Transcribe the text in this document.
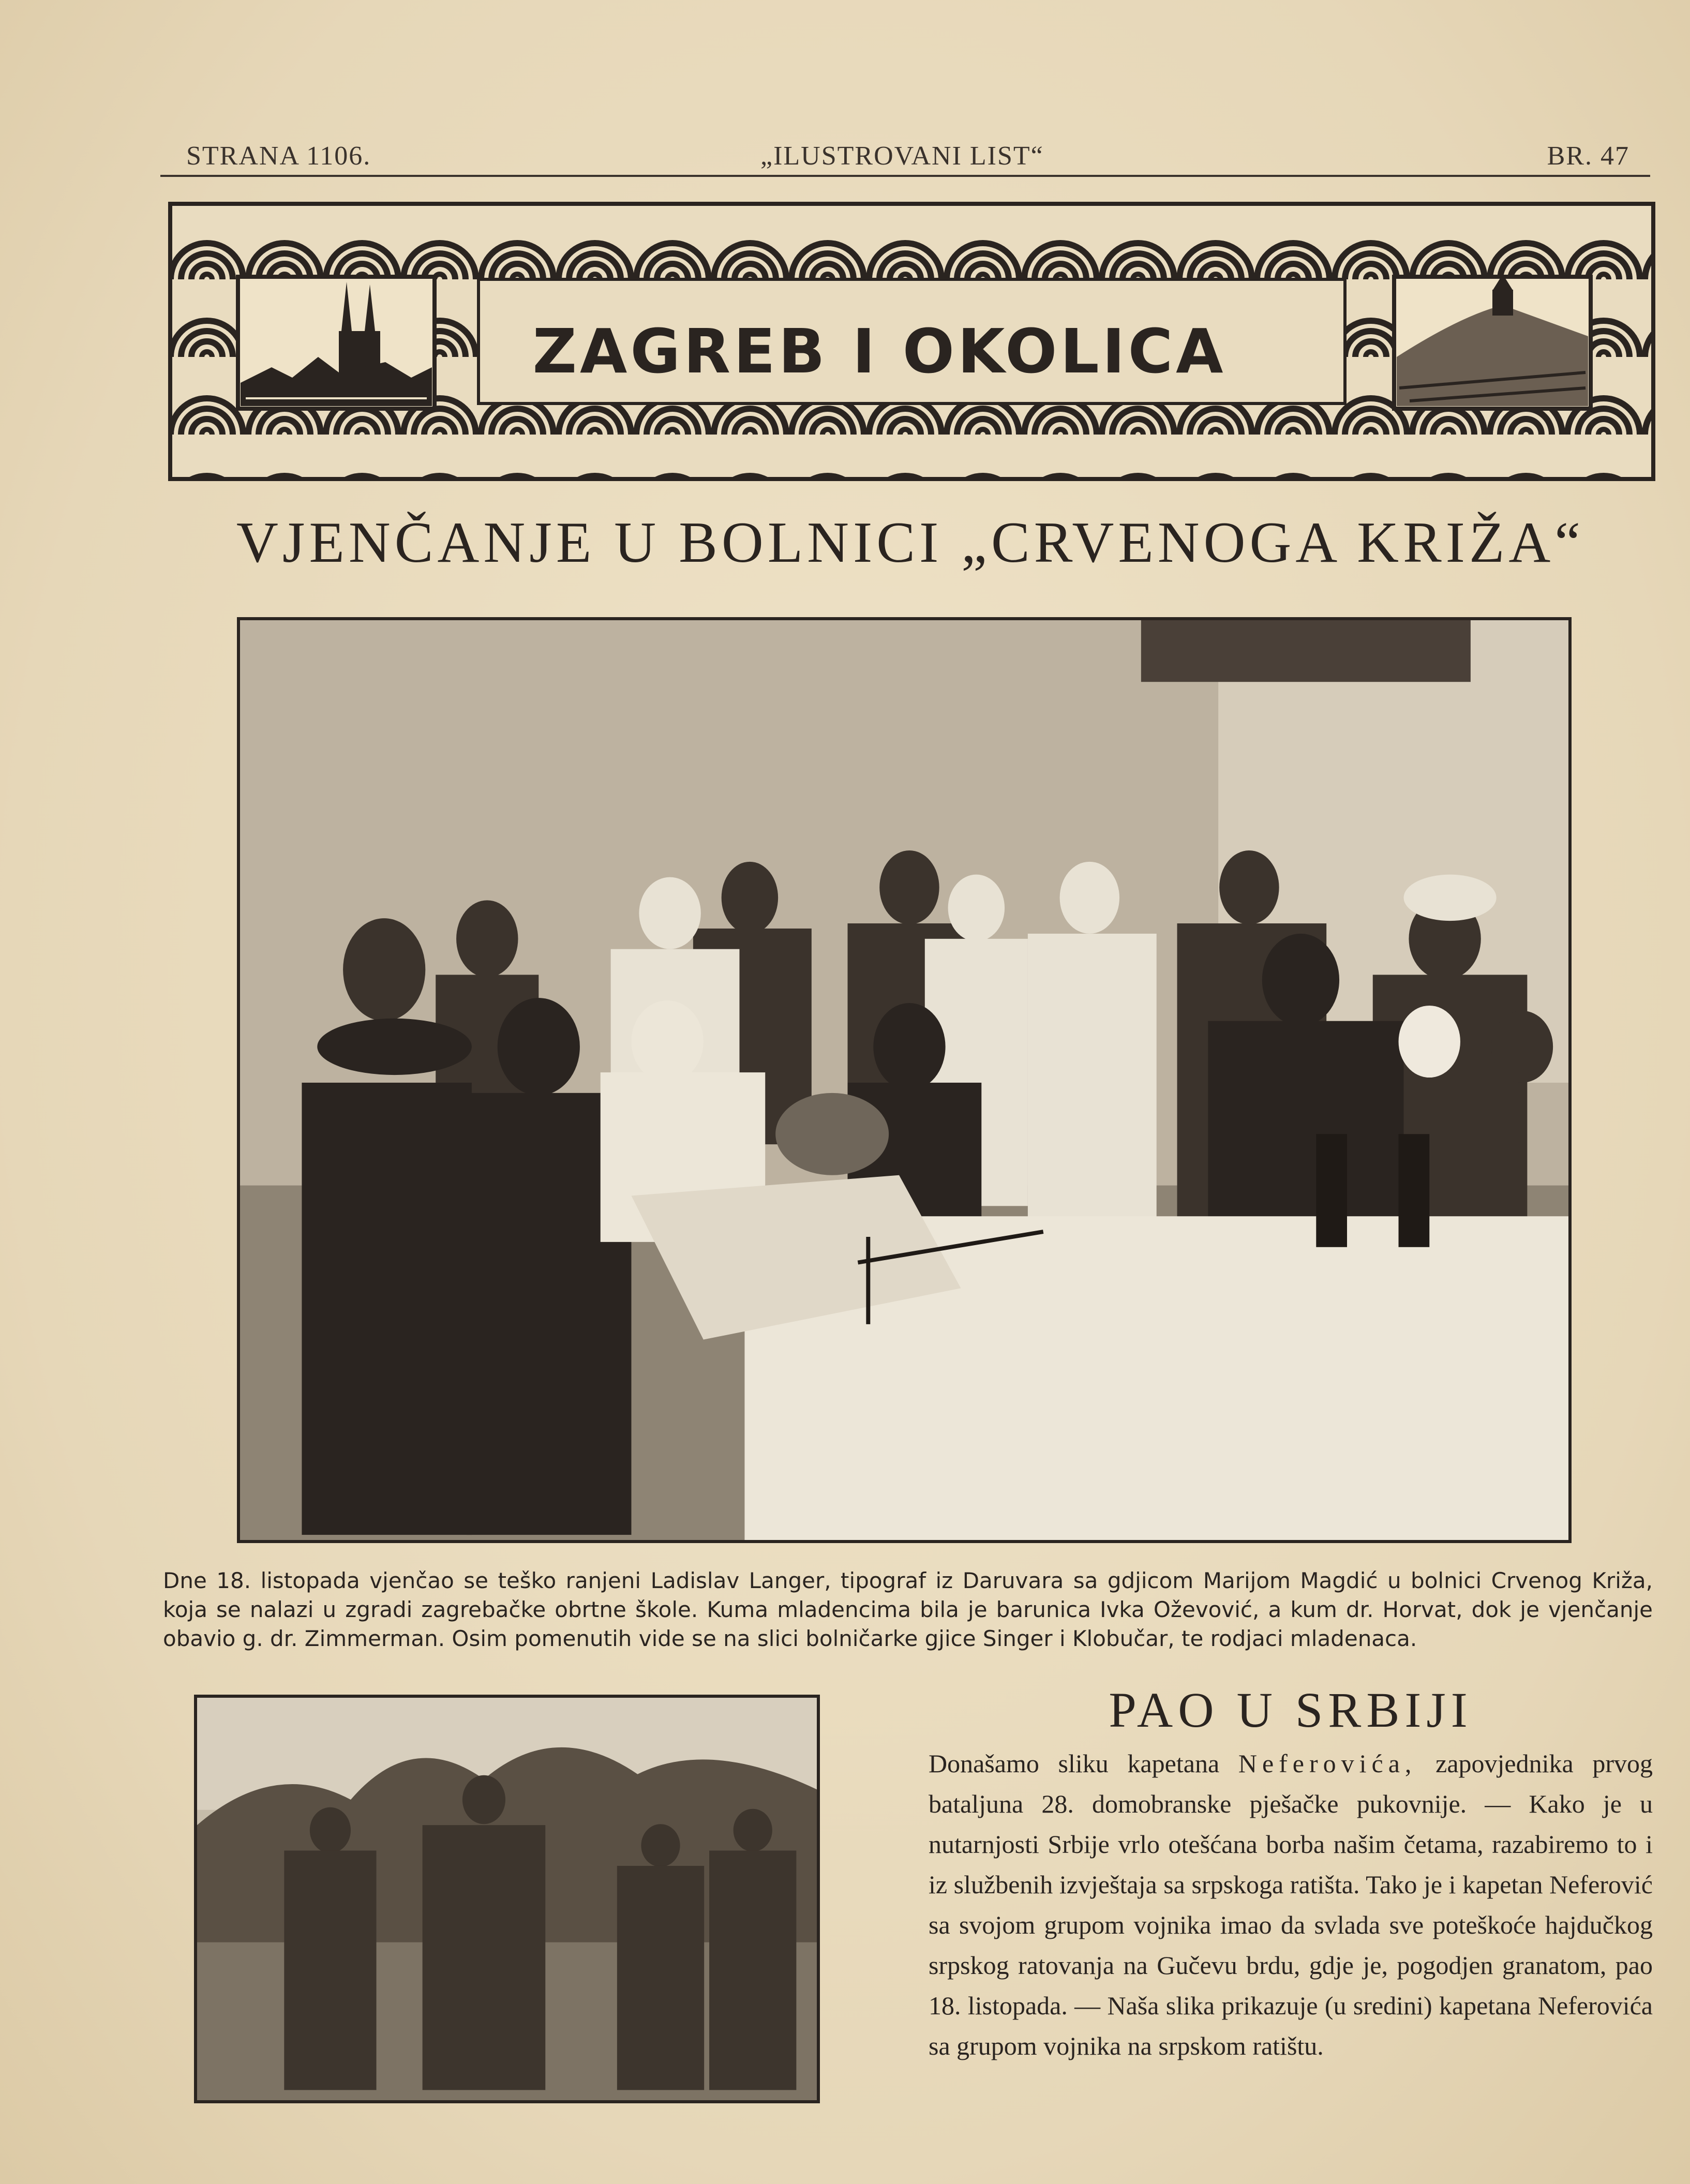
STRANA 1106.	„ILUSTROVANI LIST“	BR. 47
ZAGREB I OKOLICA
VJENČANJE U BOLNICI „CRVENOGA KRIŽA“
Dne 18. listopada vjenčao se teško ranjeni Ladislav Langer, tipograf iz Daruvara sa gdjicom Marijom Magdić u bolnici Crvenog Križa, koja se nalazi u zgradi zagrebačke obrtne škole. Kuma mladencima bila je barunica Ivka Oževović, a kum dr. Horvat, dok je vjenčanje obavio g. dr. Zimmerman. Osim pomenutih vide se na slici bolničarke gjice Singer i Klobučar, te rodjaci mladenaca.
PAO U SRBIJI
Donašamo sliku kapetana Neferovića, zapovjednika prvog bataljuna 28. domobranske pješačke pukovnije. — Kako je u nutarnjosti Srbije vrlo otešćana borba našim četama, razabiremo to i iz službenih izvještaja sa srpskoga ratišta. Tako je i kapetan Neferović sa svojom grupom vojnika imao da svlada sve poteškoće hajdučkog srpskog ratovanja na Gučevu brdu, gdje je, pogodjen granatom, pao 18. listopada. — Naša slika prikazuje (u sredini) kapetana Neferovića sa grupom vojnika na srpskom ratištu.
